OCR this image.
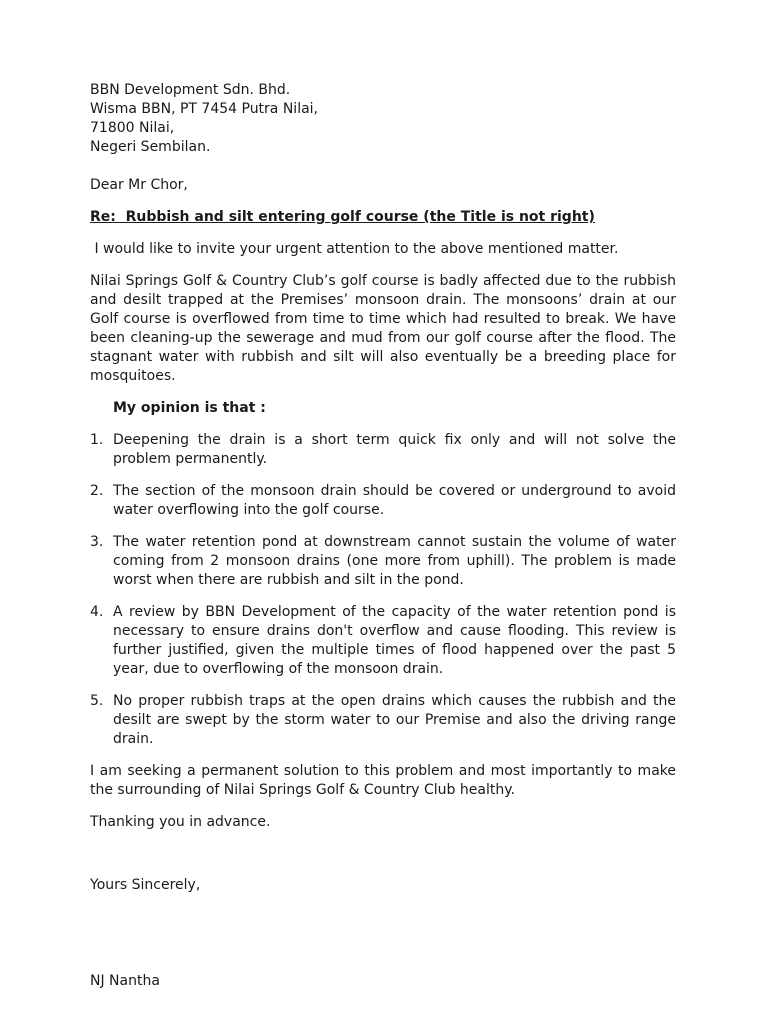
BBN Development Sdn. Bhd.
Wisma BBN, PT 7454 Putra Nilai,
71800 Nilai,
Negeri Sembilan.
Dear Mr Chor,
Re: Rubbish and silt entering golf course (the Title is not right)
I would like to invite your urgent attention to the above mentioned matter.
Nilai Springs Golf & Country Club’s golf course is badly affected due to the rubbish and desilt trapped at the Premises’ monsoon drain. The monsoons’ drain at our Golf course is overflowed from time to time which had resulted to break. We have been cleaning-up the sewerage and mud from our golf course after the flood. The stagnant water with rubbish and silt will also eventually be a breeding place for mosquitoes.
My opinion is that :
1. Deepening the drain is a short term quick fix only and will not solve the problem permanently.
2. The section of the monsoon drain should be covered or underground to avoid water overflowing into the golf course.
3. The water retention pond at downstream cannot sustain the volume of water coming from 2 monsoon drains (one more from uphill). The problem is made worst when there are rubbish and silt in the pond.
4. A review by BBN Development of the capacity of the water retention pond is necessary to ensure drains don't overflow and cause flooding. This review is further justified, given the multiple times of flood happened over the past 5 year, due to overflowing of the monsoon drain.
5. No proper rubbish traps at the open drains which causes the rubbish and the desilt are swept by the storm water to our Premise and also the driving range drain.
I am seeking a permanent solution to this problem and most importantly to make the surrounding of Nilai Springs Golf & Country Club healthy.
Thanking you in advance.
Yours Sincerely,
NJ Nantha
